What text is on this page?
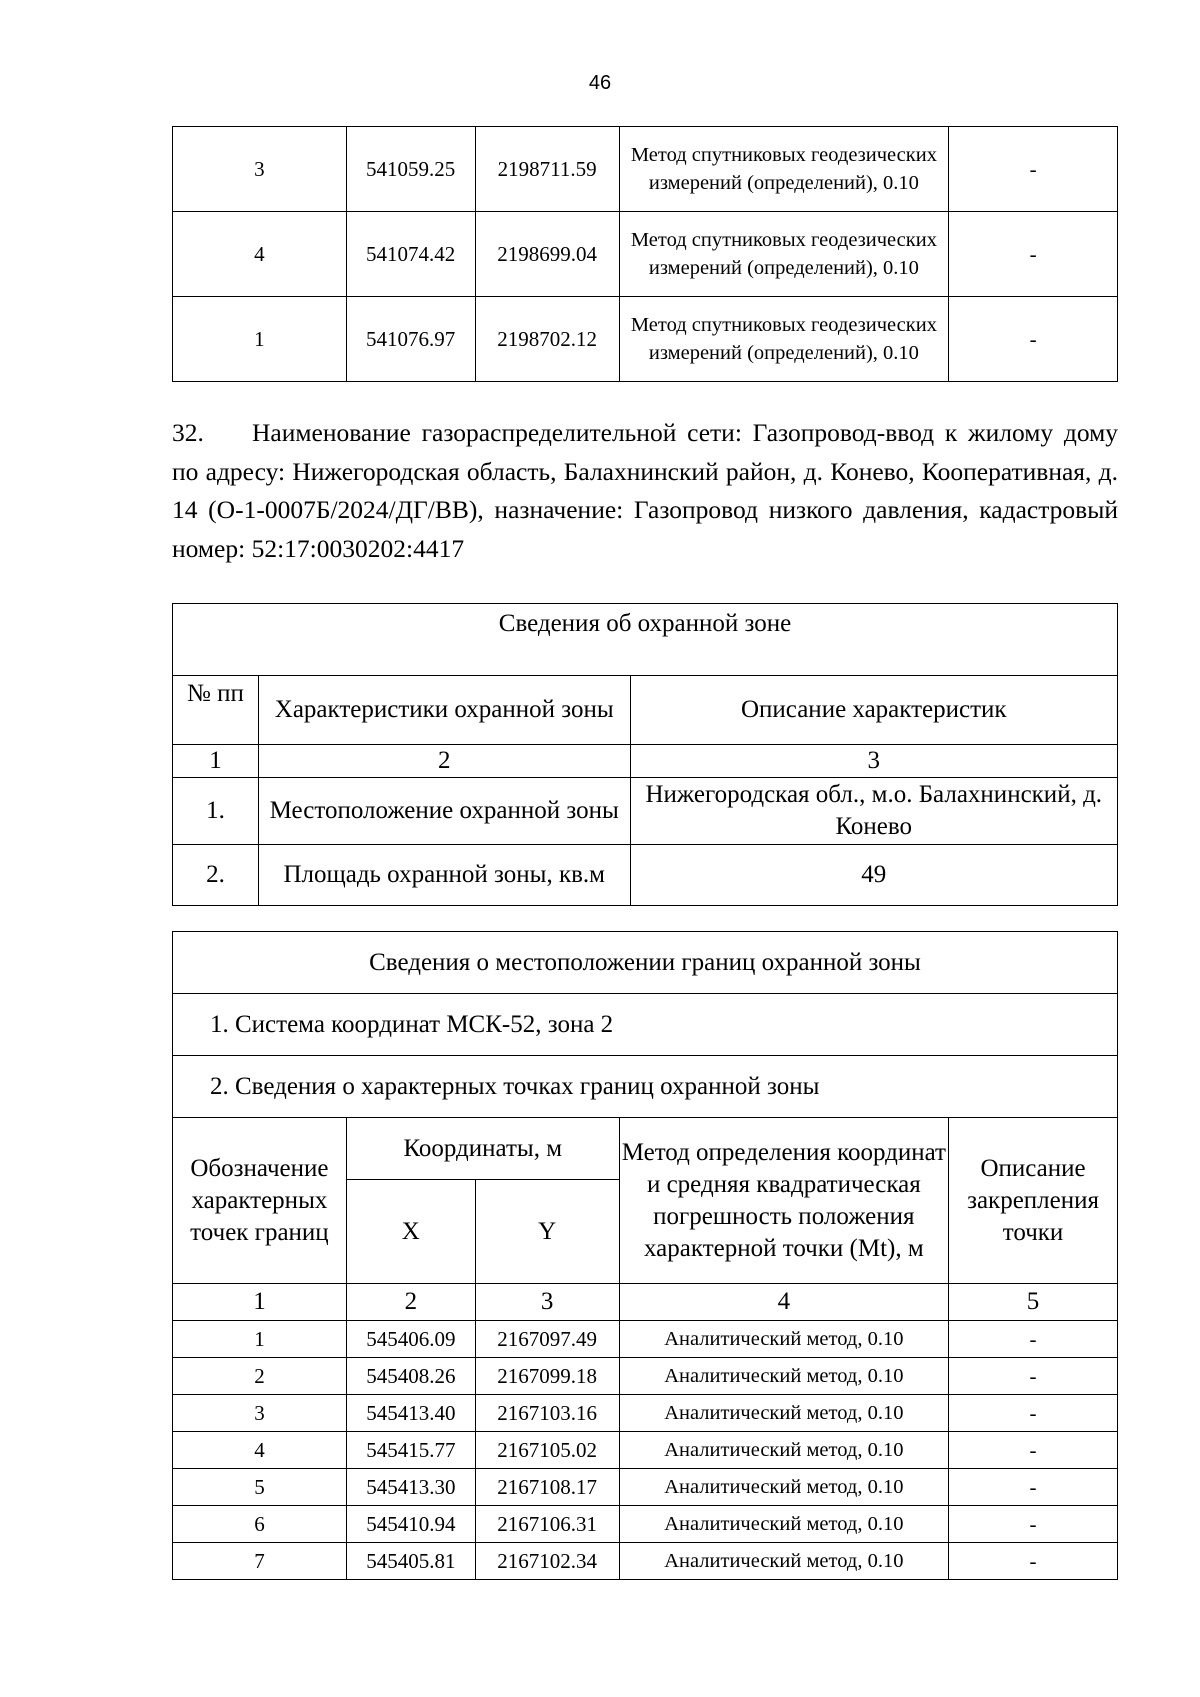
46
3	541059.25	2198711.59	Метод спутниковых геодезических измерений (определений), 0.10	-
4	541074.42	2198699.04	Метод спутниковых геодезических измерений (определений), 0.10	-
1	541076.97	2198702.12	Метод спутниковых геодезических измерений (определений), 0.10	-
32. Наименование газораспределительной сети: Газопровод-ввод к жилому дому по адресу: Нижегородская область, Балахнинский район, д. Конево, Кооперативная, д. 14 (О-1-0007Б/2024/ДГ/ВВ), назначение: Газопровод низкого давления, кадастровый номер: 52:17:0030202:4417
Сведения об охранной зоне		
№ пп	Характеристики охранной зоны	Описание характеристик
1	2	3
1.	Местоположение охранной зоны	Нижегородская обл., м.о. Балахнинский, д. Конево
2.	Площадь охранной зоны, кв.м	49
Сведения о местоположении границ охранной зоны				
1. Система координат МСК-52, зона 2				
2. Сведения о характерных точках границ охранной зоны				
Обозначение характерных точек границ	Координаты, м		Метод определения координат и средняя квадратическая погрешность положения характерной точки (Mt), м	Описание закрепления точки
	X	Y		
1	2	3	4	5
1	545406.09	2167097.49	Аналитический метод, 0.10	-
2	545408.26	2167099.18	Аналитический метод, 0.10	-
3	545413.40	2167103.16	Аналитический метод, 0.10	-
4	545415.77	2167105.02	Аналитический метод, 0.10	-
5	545413.30	2167108.17	Аналитический метод, 0.10	-
6	545410.94	2167106.31	Аналитический метод, 0.10	-
7	545405.81	2167102.34	Аналитический метод, 0.10	-
